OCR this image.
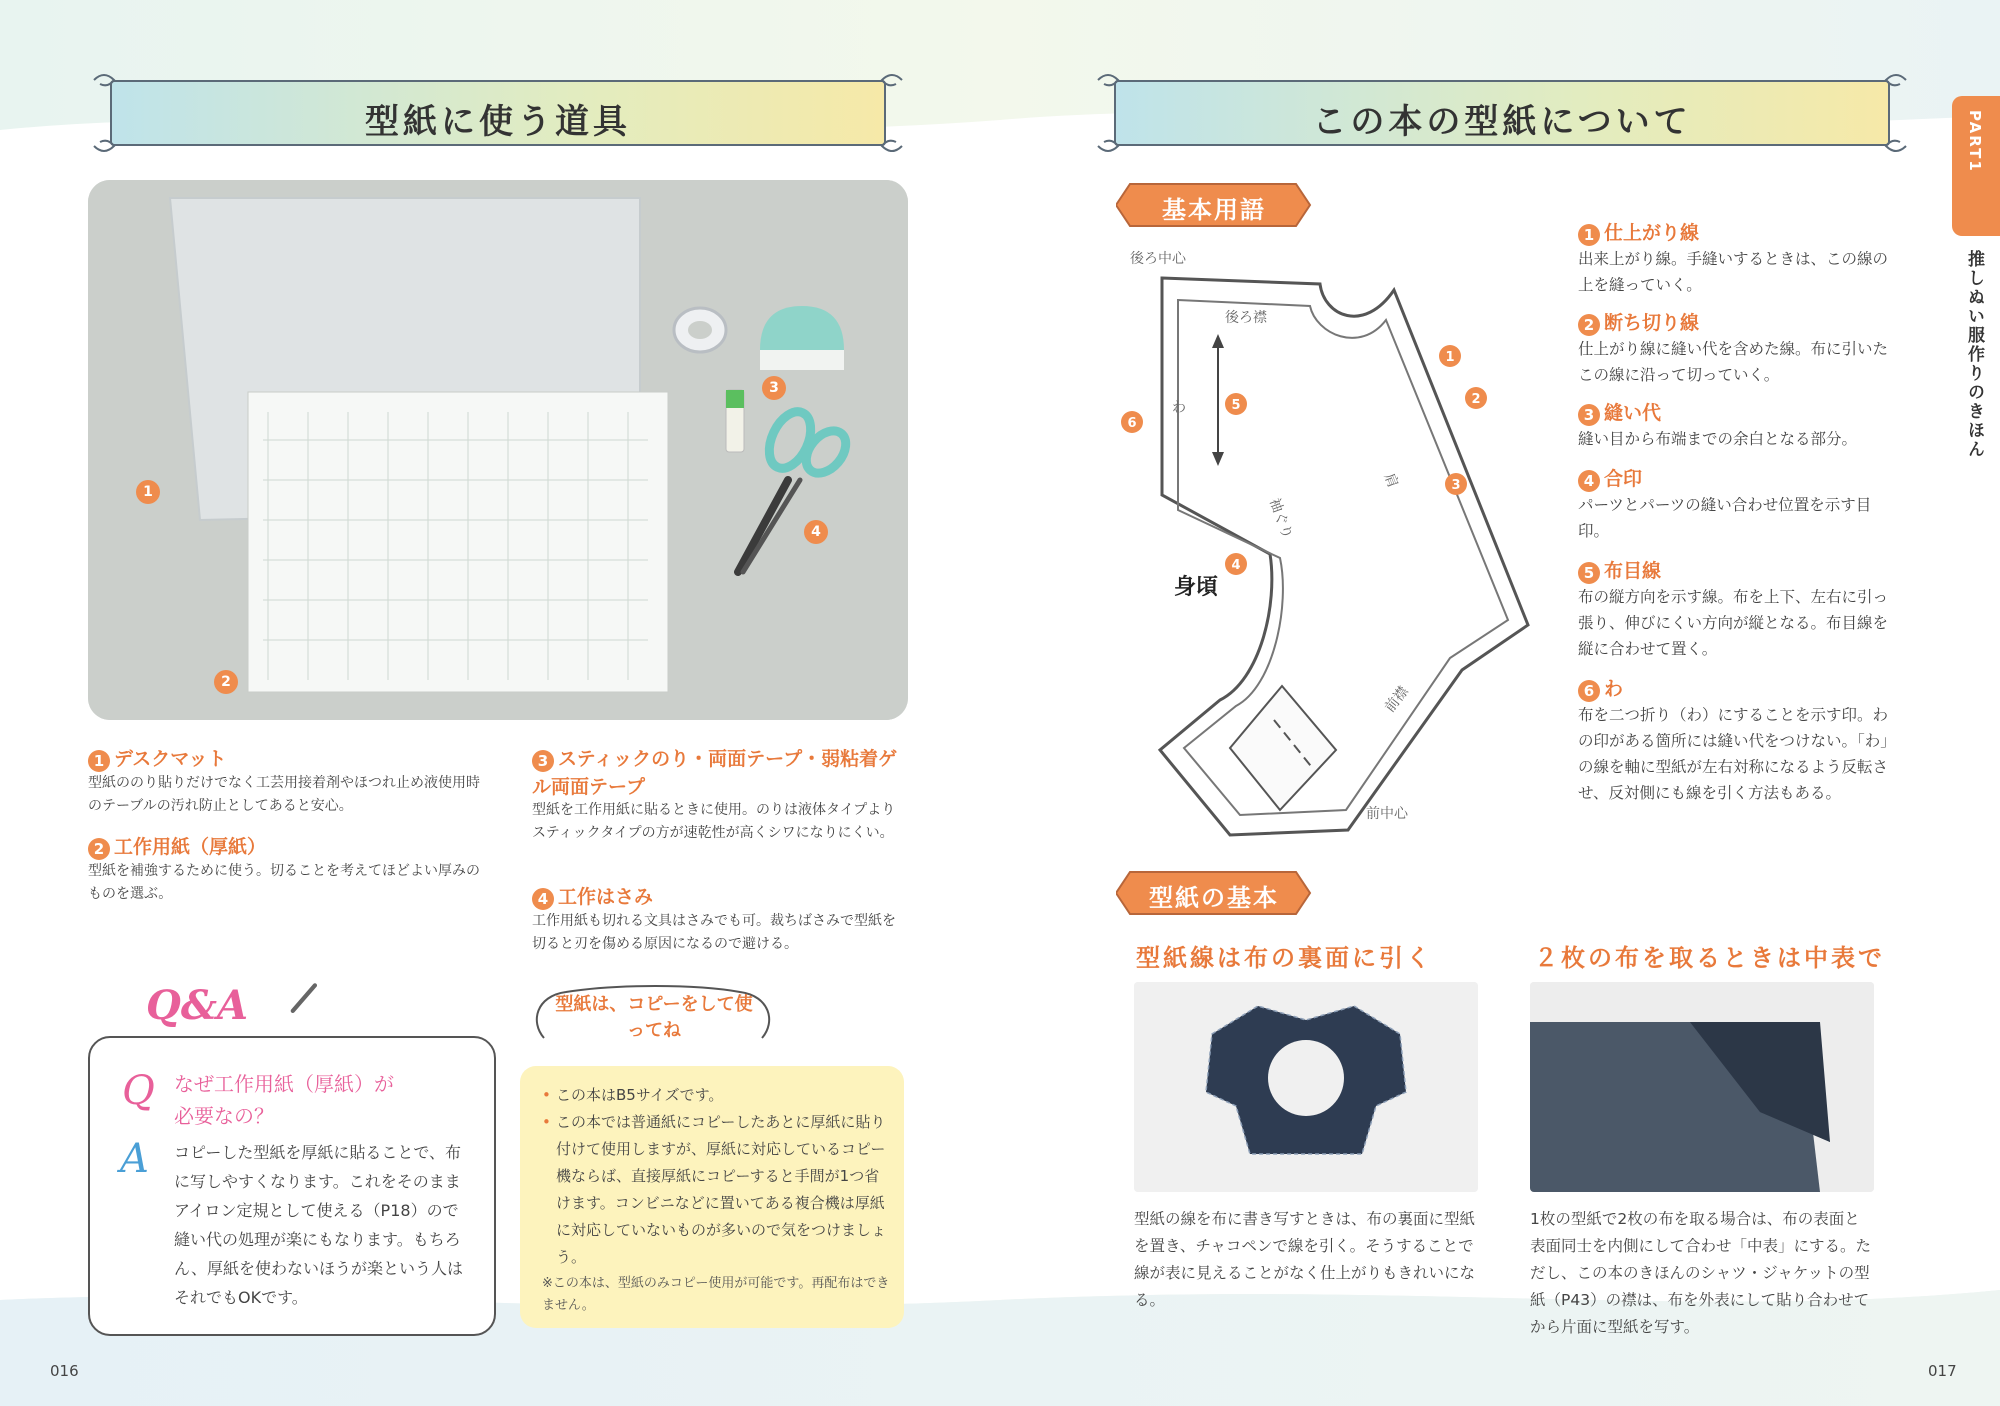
型紙に使う道具	この本の型紙について	PART1
推しぬい服作りのきほん
1
2
3
4
1 デスクマット
型紙ののり貼りだけでなく工芸用接着剤やほつれ止め液使用時のテーブルの汚れ防止としてあると安心。
2 工作用紙（厚紙）
型紙を補強するために使う。切ることを考えてほどよい厚みのものを選ぶ。
3 スティックのり・両面テープ・弱粘着ゲル両面テープ
型紙を工作用紙に貼るときに使用。のりは液体タイプよりスティックタイプの方が速乾性が高くシワになりにくい。
4 工作はさみ
工作用紙も切れる文具はさみでも可。裁ちばさみで型紙を切ると刃を傷める原因になるので避ける。
Q&A
Q なぜ工作用紙（厚紙）が必要なの？
A コピーした型紙を厚紙に貼ることで、布に写しやすくなります。これをそのままアイロン定規として使える（P18）ので縫い代の処理が楽にもなります。もちろん、厚紙を使わないほうが楽という人はそれでもOKです。
型紙は、コピーをして使ってね
• この本はB5サイズです。
• この本では普通紙にコピーしたあとに厚紙に貼り付けて使用しますが、厚紙に対応しているコピー機ならば、直接厚紙にコピーすると手間が1つ省けます。コンビニなどに置いてある複合機は厚紙に対応していないものが多いので気をつけましょう。
※この本は、型紙のみコピー使用が可能です。再配布はできません。
016	017
基本用語
後ろ中心
後ろ襟
わ
袖ぐり
肩
前襟
前中心
身頃
1
2
3
4
5
6
1 仕上がり線
出来上がり線。手縫いするときは、この線の上を縫っていく。
2 断ち切り線
仕上がり線に縫い代を含めた線。布に引いたこの線に沿って切っていく。
3 縫い代
縫い目から布端までの余白となる部分。
4 合印
パーツとパーツの縫い合わせ位置を示す目印。
5 布目線
布の縦方向を示す線。布を上下、左右に引っ張り、伸びにくい方向が縦となる。布目線を縦に合わせて置く。
6 わ
布を二つ折り（わ）にすることを示す印。わの印がある箇所には縫い代をつけない。「わ」の線を軸に型紙が左右対称になるよう反転させ、反対側にも線を引く方法もある。
型紙の基本
型紙線は布の裏面に引く	２枚の布を取るときは中表で
型紙の線を布に書き写すときは、布の裏面に型紙を置き、チャコペンで線を引く。そうすることで線が表に見えることがなく仕上がりもきれいになる。
1枚の型紙で2枚の布を取る場合は、布の表面と表面同士を内側にして合わせ「中表」にする。ただし、この本のきほんのシャツ・ジャケットの型紙（P43）の襟は、布を外表にして貼り合わせてから片面に型紙を写す。
